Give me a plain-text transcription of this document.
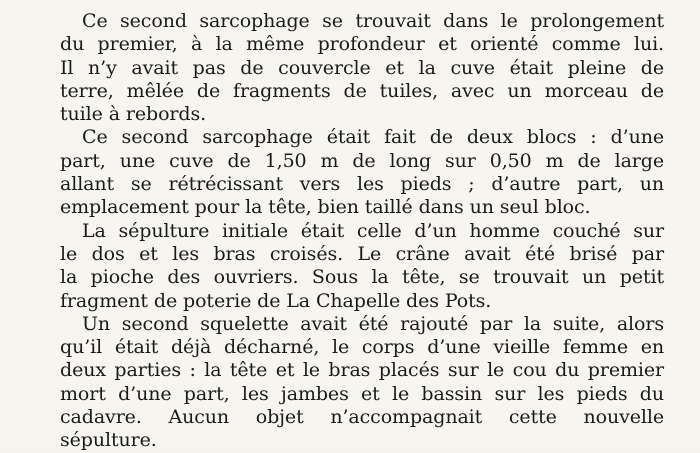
Ce second sarcophage se trouvait dans le prolongement
du premier, à la même profondeur et orienté comme lui.
Il n’y avait pas de couvercle et la cuve était pleine de
terre, mêlée de fragments de tuiles, avec un morceau de
tuile à rebords.
Ce second sarcophage était fait de deux blocs : d’une
part, une cuve de 1,50 m de long sur 0,50 m de large
allant se rétrécissant vers les pieds ; d’autre part, un
emplacement pour la tête, bien taillé dans un seul bloc.
La sépulture initiale était celle d’un homme couché sur
le dos et les bras croisés. Le crâne avait été brisé par
la pioche des ouvriers. Sous la tête, se trouvait un petit
fragment de poterie de La Chapelle des Pots.
Un second squelette avait été rajouté par la suite, alors
qu’il était déjà décharné, le corps d’une vieille femme en
deux parties : la tête et le bras placés sur le cou du premier
mort d’une part, les jambes et le bassin sur les pieds du
cadavre. Aucun objet n’accompagnait cette nouvelle
sépulture.
